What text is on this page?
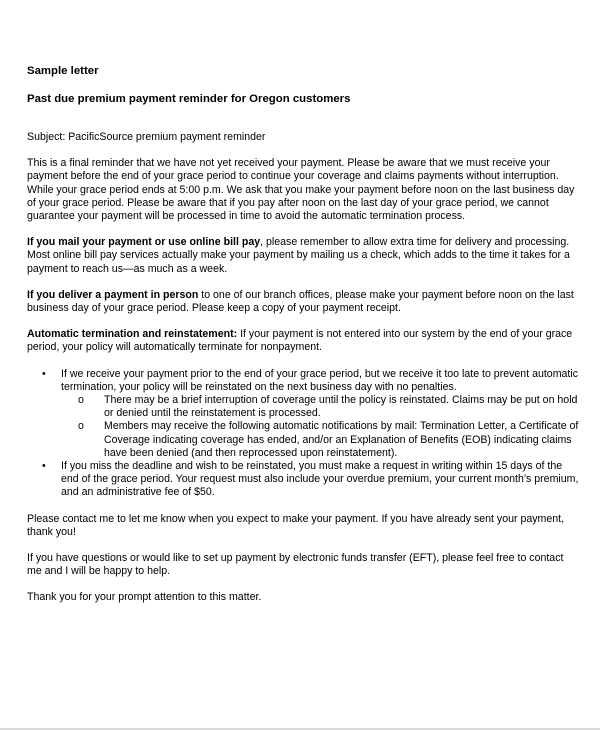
Sample letter

Past due premium payment reminder for Oregon customers

Subject: PacificSource premium payment reminder

This is a final reminder that we have not yet received your payment. Please be aware that we must receive your payment before the end of your grace period to continue your coverage and claims payments without interruption. While your grace period ends at 5:00 p.m. We ask that you make your payment before noon on the last business day of your grace period. Please be aware that if you pay after noon on the last day of your grace period, we cannot guarantee your payment will be processed in time to avoid the automatic termination process.

If you mail your payment or use online bill pay, please remember to allow extra time for delivery and processing. Most online bill pay services actually make your payment by mailing us a check, which adds to the time it takes for a payment to reach us—as much as a week.

If you deliver a payment in person to one of our branch offices, please make your payment before noon on the last business day of your grace period. Please keep a copy of your payment receipt.

Automatic termination and reinstatement: If your payment is not entered into our system by the end of your grace period, your policy will automatically terminate for nonpayment.

• If we receive your payment prior to the end of your grace period, but we receive it too late to prevent automatic termination, your policy will be reinstated on the next business day with no penalties.
o There may be a brief interruption of coverage until the policy is reinstated. Claims may be put on hold or denied until the reinstatement is processed.
o Members may receive the following automatic notifications by mail: Termination Letter, a Certificate of Coverage indicating coverage has ended, and/or an Explanation of Benefits (EOB) indicating claims have been denied (and then reprocessed upon reinstatement).
• If you miss the deadline and wish to be reinstated, you must make a request in writing within 15 days of the end of the grace period. Your request must also include your overdue premium, your current month’s premium, and an administrative fee of $50.

Please contact me to let me know when you expect to make your payment. If you have already sent your payment, thank you!

If you have questions or would like to set up payment by electronic funds transfer (EFT), please feel free to contact me and I will be happy to help.

Thank you for your prompt attention to this matter.
